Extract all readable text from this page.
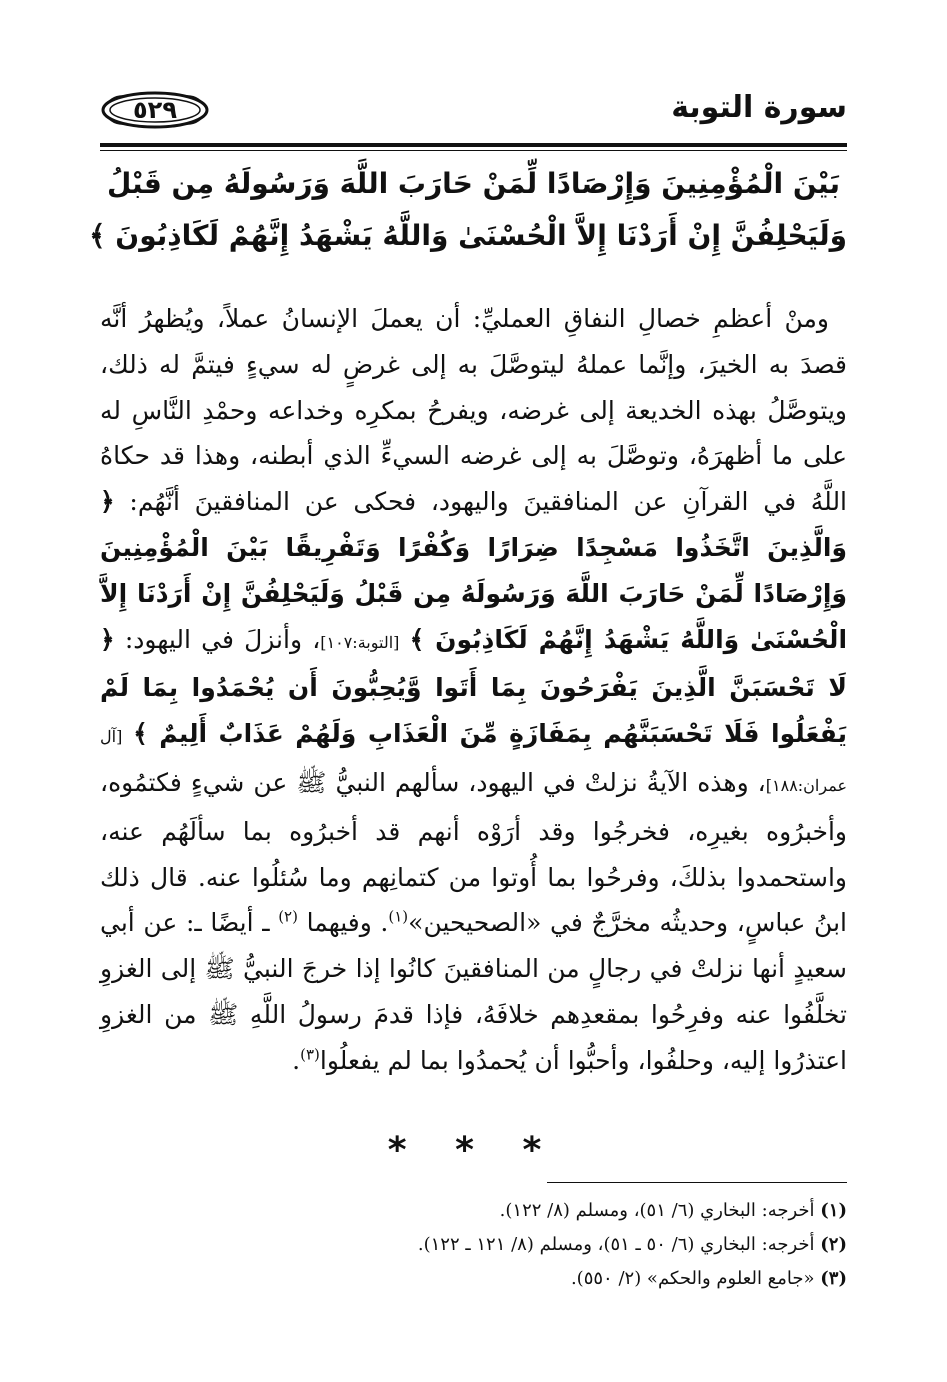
سورة التوبة
٥٢٩
بَيْنَ الْمُؤْمِنِينَ وَإِرْصَادًا لِّمَنْ حَارَبَ اللَّهَ وَرَسُولَهُ مِن قَبْلُ
وَلَيَحْلِفُنَّ إِنْ أَرَدْنَا إِلاَّ الْحُسْنَىٰ وَاللَّهُ يَشْهَدُ إِنَّهُمْ لَكَاذِبُونَ ﴾

ومنْ أعظمِ خصالِ النفاقِ العمليِّ: أن يعملَ الإنسانُ عملاً، ويُظهرُ أنَّه قصدَ به الخيرَ، وإنَّما عملهُ ليتوصَّلَ به إلى غرضٍ له سيءٍ فيتمَّ له ذلك، ويتوصَّلُ بهذه الخديعة إلى غرضه، ويفرحُ بمكرِه وخداعه وحمْدِ النَّاسِ له على ما أظهرَهُ، وتوصَّلَ به إلى غرضه السيءِّ الذي أبطنه، وهذا قد حكاهُ اللَّهُ في القرآنِ عن المنافقينَ واليهود، فحكى عن المنافقينَ أنَّهُم: ﴿ وَالَّذِينَ اتَّخَذُوا مَسْجِدًا ضِرَارًا وَكُفْرًا وَتَفْرِيقًا بَيْنَ الْمُؤْمِنِينَ وَإِرْصَادًا لِّمَنْ حَارَبَ اللَّهَ وَرَسُولَهُ مِن قَبْلُ وَلَيَحْلِفُنَّ إِنْ أَرَدْنَا إِلاَّ الْحُسْنَىٰ وَاللَّهُ يَشْهَدُ إِنَّهُمْ لَكَاذِبُونَ ﴾ [التوبة:١٠٧]، وأنزلَ في اليهود: ﴿ لَا تَحْسَبَنَّ الَّذِينَ يَفْرَحُونَ بِمَا أَتَوا وَّيُحِبُّونَ أَن يُحْمَدُوا بِمَا لَمْ يَفْعَلُوا فَلَا تَحْسَبَنَّهُم بِمَفَازَةٍ مِّنَ الْعَذَابِ وَلَهُمْ عَذَابٌ أَلِيمٌ ﴾ [آل عمران:١٨٨]، وهذه الآيةُ نزلتْ في اليهود، سألهم النبيُّ ﷺ عن شيءٍ فكتمُوه، وأخبرُوه بغيرِه، فخرجُوا وقد أرَوْه أنهم قد أخبرُوه بما سألَهُم عنه، واستحمدوا بذلكَ، وفرحُوا بما أُوتوا من كتمانِهم وما سُئلُوا عنه. قال ذلك ابنُ عباسٍ، وحديثُه مخرَّجٌ في «الصحيحين»$^{(١)}$. وفيهما $^{(٢)}$ ـ أيضًا ـ: عن أبي سعيدٍ أنها نزلتْ في رجالٍ من المنافقينَ كانُوا إذا خرجَ النبيُّ ﷺ إلى الغزوِ تخلَّفُوا عنه وفرِحُوا بمقعدِهم خلافَهُ، فإذا قدمَ رسولُ اللَّهِ ﷺ من الغزوِ اعتذرُوا إليه، وحلفُوا، وأحبُّوا أن يُحمدُوا بما لم يفعلُوا$^{(٣)}$.

* * *
(١) أخرجه: البخاري (٦/ ٥١)، ومسلم (٨/ ١٢٢).
(٢) أخرجه: البخاري (٦/ ٥٠ ـ ٥١)، ومسلم (٨/ ١٢١ ـ ١٢٢).
(٣) «جامع العلوم والحكم» (٢/ ٥٥٠).
